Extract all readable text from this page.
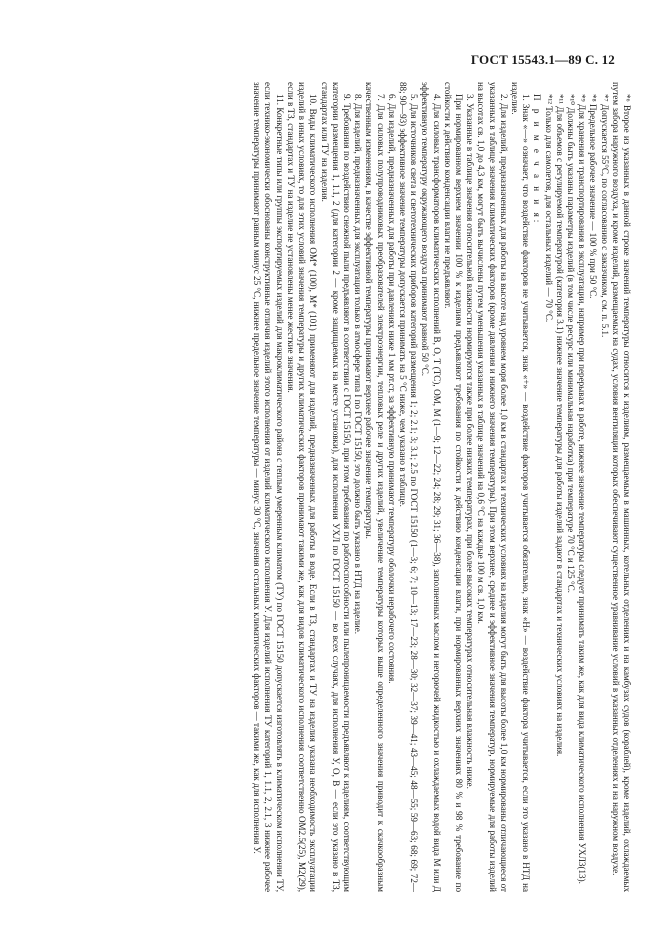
ГОСТ 15543.1—89 С. 12

*⁶ Второе из указанных в данной строке значений температуры относится к изделиям, размещаемым в машинных, котельных отделениях и на камбузах судов (кораблей), кроме изделий, охлаждаемых путем забора наружного воздуха, и кроме изделий, размещаемых на судах, условия вентиляции которых обеспечивают существенное уравнивание условий в указанных отделениях и на наружном воздухе.

*⁷ Допускается 55°С, по согласованию с заказчиком, см. п. 5.1.

*⁸ Предельное рабочее значение — 100 % при 50 °С.

*⁹ Для хранения и транспортирования в эксплуатации, например при перерывах в работе, нижнее значение температуры следует принимать таким же, как для вида климатического исполнения УХЛ3(13).

*¹⁰ Должны быть указаны параметры изделий (в том числе ресурс или минимальная наработка) при температуре 70 °С и 125 °С.

*¹¹ Для объемов с регулируемой температурой (категория 3.1) нижнее значение температуры для работы изделий задают в стандартах и технических условиях на изделия.

*¹² Только для самолетов, для остальных изделий — 70 °С.

П р и м е ч а н и я:

1. Знак «—» означает, что воздействие факторов не учитывается, знак «+» — воздействие факторов учитывается обязательно, знак «Н» — воздействие фактора учитывается, если это указано в НТД на изделие.

2. Для изделий, предназначенных для работы на высоте над уровнем моря более 1,0 км в стандартах и технических условиях на изделия могут быть для высоты более 1,0 км нормированы отличающиеся от указанных в таблице значения климатических факторов (кроме давления и нижнего значения температуры). При этом верхнее, среднее и эффективное значения температур, нормируемые для работы изделий на высотах св. 1,0 до 4,3 км, могут быть вычислены путем уменьшения указанных в таблице значений на 0,6 °С на каждые 100 м св. 1,0 км.

3. Указанные в таблице значения относительной влажности нормируются также при более низких температурах, при более высоких температурах относительная влажность ниже.

При нормированном верхнем значении 100 % к изделиям предъявляют требования по стойкости к действию конденсации влаги, при нормированных верхних значениях 80 % и 98 % требование по стойкости к действию конденсации влаги не предъявляют.

4. Для силовых трансформаторов климатических исполнений В, О, Т (ТС), ОМ, М (1—9; 12—22; 24; 28; 29; 31; 36—38), заполненных маслом и негорючей жидкостью и охлаждаемых водой вида М или Д эффективную температуру окружающего воздуха принимают равной 50 °С.

5. Для источников света и светотехнических приборов категорий размещения 1; 2; 2.1; 3; 3.1; 2.5 по ГОСТ 15150 (1—3; 6; 7; 10—13; 17—23; 28—30; 32—37; 39—41; 43—45; 48—55; 59—63; 68; 69; 72—88; 90—93) эффективное значение температуры допускается принимать на 5 °С ниже, чем указано в таблице.

6. Для изделий, предназначенных для работы при давлениях ниже 1 мм рт.ст, за эффективную принимают температуру оболочки нерабочего состояния.

7. Для силовых полупроводниковых преобразователей электроэнергии, тепловых реле и других изделий, увеличение температуры которых выше определенного значения приводит к скачкообразным качественным изменениям, в качестве эффективной температуры принимают верхнее рабочее значение температуры.

8. Для изделий, предназначенных для эксплуатации только в атмосфере типа I по ГОСТ 15150, это должно быть указано в НТД на изделие.

9. Требования по воздействию снежной пыли предъявляют в соответствии с ГОСТ 15150, при этом требования по работоспособности или пылепроницаемости предъявляют к изделиям, соответствующим категории размещения 1, 1.1, 2 (для категории 2 — кроме защищаемых на месте установки), для исполнения УХЛ по ГОСТ 15150 — во всех случаях, для исполнения У, О, В — если это указано в ТЗ, стандартах или ТУ на изделия.

10. Виды климатического исполнения ОМ* (100), М* (101) применяют для изделий, предназначенных для работы в воде. Если в ТЗ, стандартах и ТУ на изделия указана необходимость эксплуатации изделий в иных условиях, то для этих условий значения температуры и других климатических факторов принимают такими же, как для видов климатического исполнения соответственно ОМ2.5(25), М2(29), если в ТЗ, стандартах и ТУ на изделие не установлены менее жесткие значения.

11. Конкретные типы или группы экспортируемых изделий для макроклиматического района с теплым умеренным климатом (ТУ) по ГОСТ 15150 допускается изготовлять в климатическом исполнении ТУ, если технико-экономически обоснованы конструктивные отличия изделий этого исполнения от изделий климатического исполнения У. Для изделий исполнения ТУ категорий 1, 1.1, 2, 2.1, 3 нижнее рабочее значение температуры принимают равным минус 25 °С, нижнее предельное значение температуры — минус 30 °С, значения остальных климатических факторов — такими же, как для исполнения У.
